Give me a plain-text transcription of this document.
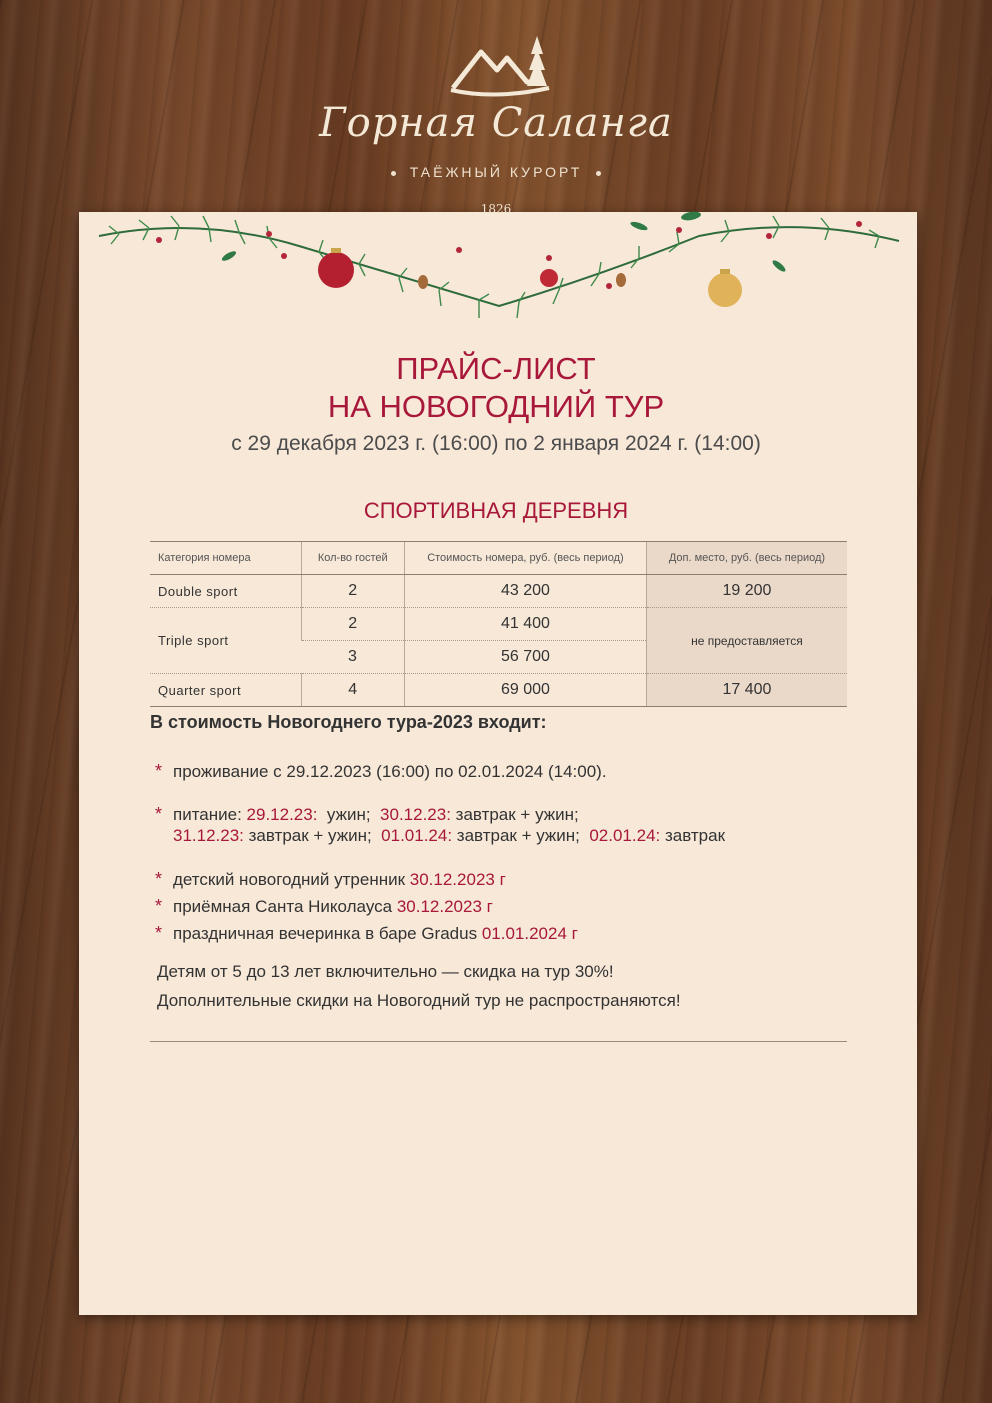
Горная Саланга
ТАЁЖНЫЙ КУРОРТ
1826
ПРАЙС-ЛИСТ
НА НОВОГОДНИЙ ТУР
с 29 декабря 2023 г. (16:00) по 2 января 2024 г. (14:00)
СПОРТИВНАЯ ДЕРЕВНЯ
Категория номера	Кол-во гостей	Стоимость номера, руб. (весь период)	Доп. место, руб. (весь период)
Double sport	2	43 200	19 200
Triple sport	2	41 400	не предоставляется
	3	56 700	
Quarter sport	4	69 000	17 400
В стоимость Новогоднего тура-2023 входит:
* проживание с 29.12.2023 (16:00) по 02.01.2024 (14:00).
* питание: 29.12.23:  ужин;  30.12.23: завтрак + ужин;
31.12.23: завтрак + ужин;  01.01.24: завтрак + ужин;  02.01.24: завтрак
* детский новогодний утренник 30.12.2023 г
* приёмная Санта Николауса 30.12.2023 г
* праздничная вечеринка в баре Gradus 01.01.2024 г
Детям от 5 до 13 лет включительно — скидка на тур 30%!
Дополнительные скидки на Новогодний тур не распространяются!
